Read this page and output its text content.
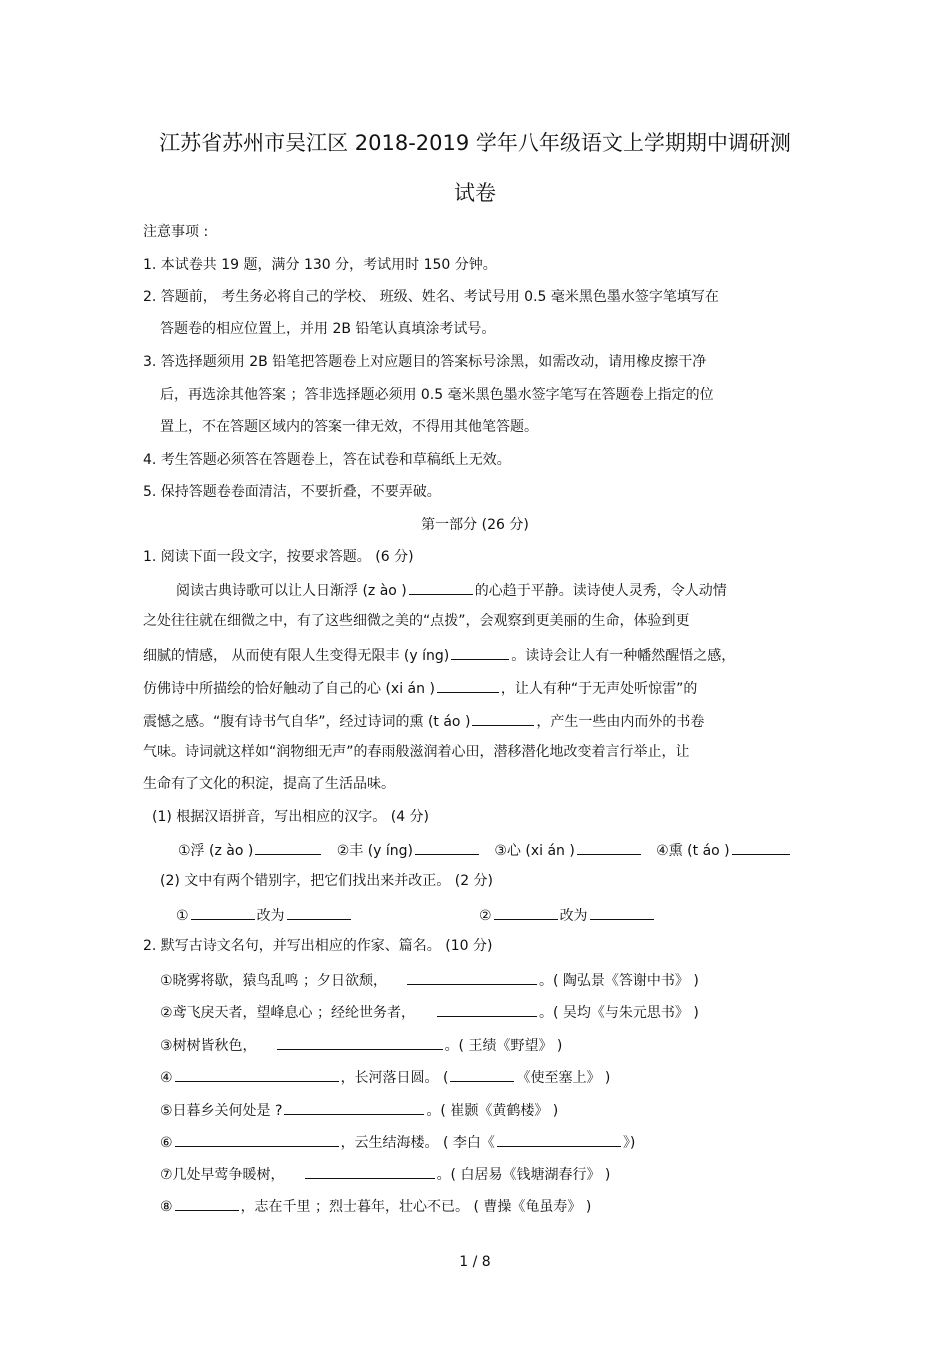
江苏省苏州市吴江区 2018-2019 学年八年级语文上学期期中调研测
试卷
注意事项 :
1. 本试卷共 19 题，满分 130 分，考试用时 150 分钟。
2. 答题前， 考生务必将自己的学校、 班级、姓名、考试号用 0.5 毫米黑色墨水签字笔填写在
答题卷的相应位置上，并用 2B 铅笔认真填涂考试号。
3. 答选择题须用 2B 铅笔把答题卷上对应题目的答案标号涂黑，如需改动，请用橡皮擦干净
后，再选涂其他答案 ；答非选择题必须用 0.5 毫米黑色墨水签字笔写在答题卷上指定的位
置上，不在答题区域内的答案一律无效，不得用其他笔答题。
4. 考生答题必须答在答题卷上，答在试卷和草稿纸上无效。
5. 保持答题卷卷面清洁，不要折叠，不要弄破。
第一部分 (26 分)
1. 阅读下面一段文字，按要求答题。 (6 分)
阅读古典诗歌可以让人日渐浮 (z ào )	的心趋于平静。读诗使人灵秀，令人动情
之处往往就在细微之中，有了这些细微之美的“点拨”，会观察到更美丽的生命，体验到更
细腻的情感， 从而使有限人生变得无限丰 (y íng)	。读诗会让人有一种幡然醒悟之感，
仿佛诗中所描绘的恰好触动了自己的心 (xi án )	，让人有种“于无声处听惊雷”的
震憾之感。“腹有诗书气自华”，经过诗词的熏 (t áo )	，产生一些由内而外的书卷
气味。诗词就这样如“润物细无声”的春雨般滋润着心田，潜移潜化地改变着言行举止，让
生命有了文化的积淀，提高了生活品味。
(1) 根据汉语拼音，写出相应的汉字。 (4 分)
①浮 (z ào )	②丰 (y íng)	③心 (xi án )	④熏 (t áo )
(2) 文中有两个错别字，把它们找出来并改正。 (2 分)
①	改为	②	改为
2. 默写古诗文名句，并写出相应的作家、篇名。 (10 分)
①晓雾将歇，猿鸟乱鸣 ；夕日欲颓，	。( 陶弘景《答谢中书》 )
②鸢飞戾天者，望峰息心 ；经纶世务者，	。( 吴均《与朱元思书》 )
③树树皆秋色，	。( 王绩《野望》 )
④	，长河落日圆。 (	《使至塞上》 )
⑤日暮乡关何处是 ?	。( 崔颢《黄鹤楼》 )
⑥	，云生结海楼。 ( 李白《	》)
⑦几处早莺争暖树，	。( 白居易《钱塘湖春行》 )
⑧	，志在千里 ；烈士暮年，壮心不已。 ( 曹操《龟虽寿》 )
1 / 8
